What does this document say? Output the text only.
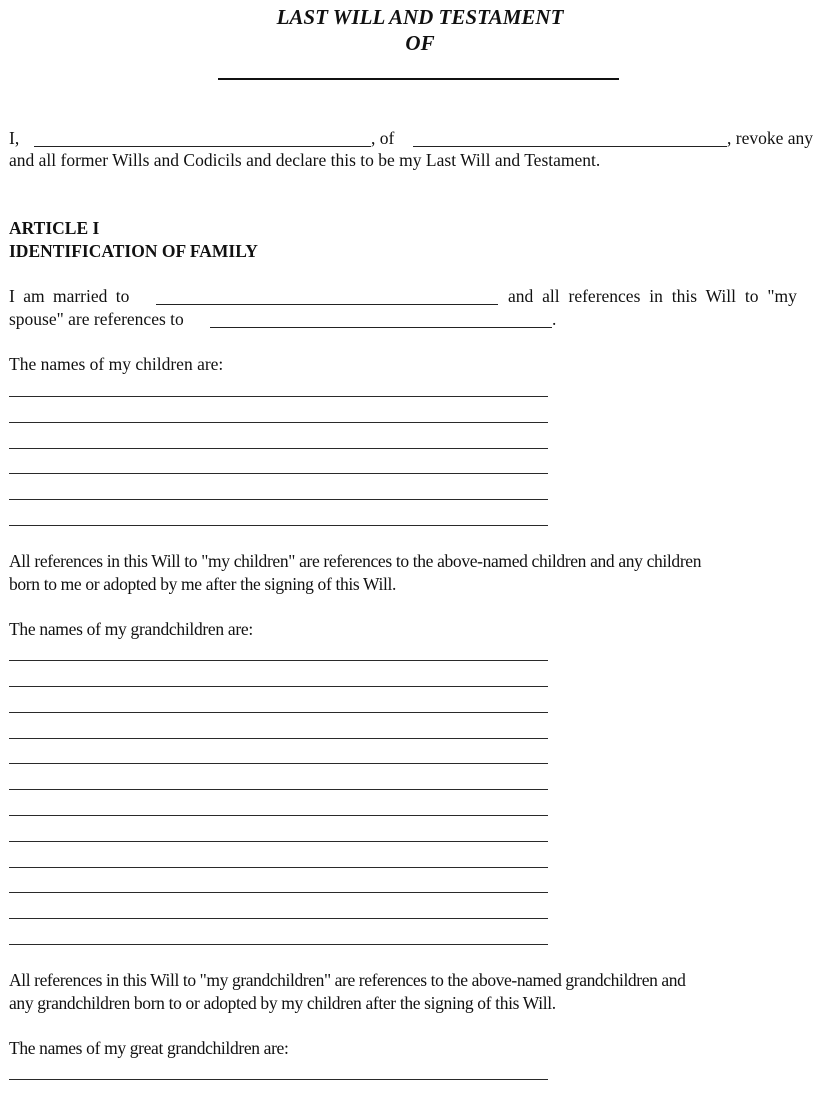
LAST WILL AND TESTAMENT
OF
I,	, of	, revoke any
and all former Wills and Codicils and declare this to be my Last Will and Testament.
ARTICLE I
IDENTIFICATION OF FAMILY
I am married to	and all references in this Will to "my
spouse" are references to	.
The names of my children are:
All references in this Will to "my children" are references to the above-named children and any children
born to me or adopted by me after the signing of this Will.
The names of my grandchildren are:
All references in this Will to "my grandchildren" are references to the above-named grandchildren and
any grandchildren born to or adopted by my children after the signing of this Will.
The names of my great grandchildren are:
